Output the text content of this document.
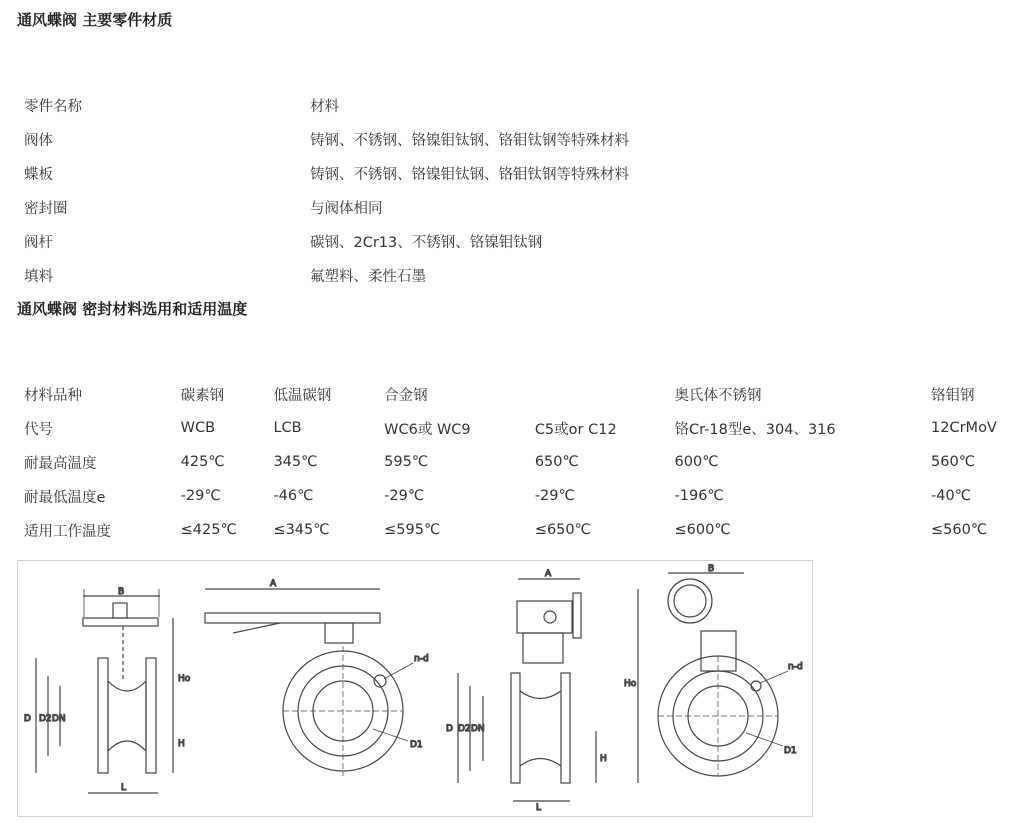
通风蝶阀 主要零件材质
零件名称	材料
阀体	铸钢、不锈钢、铬镍钼钛钢、铬钼钛钢等特殊材料
蝶板	铸钢、不锈钢、铬镍钼钛钢、铬钼钛钢等特殊材料
密封圈	与阀体相同
阀杆	碳钢、2Cr13、不锈钢、铬镍钼钛钢
填料	氟塑料、柔性石墨
通风蝶阀 密封材料选用和适用温度
材料品种	碳素钢	低温碳钢	合金钢		奥氏体不锈钢	铬钼钢
代号	WCB	LCB	WC6或 WC9	C5或or C12	铬Cr-18型e、304、316	12CrMoV
耐最高温度	425℃	345℃	595℃	650℃	600℃	560℃
耐最低温度e	-29℃	-46℃	-29℃	-29℃	-196℃	-40℃
适用工作温度	≤425℃	≤345℃	≤595℃	≤650℃	≤600℃	≤560℃
B
Ho
H
L
D D2 DN
A
n-d
D1
A
D D2 DN
L
H
Ho
B
n-d
D1
